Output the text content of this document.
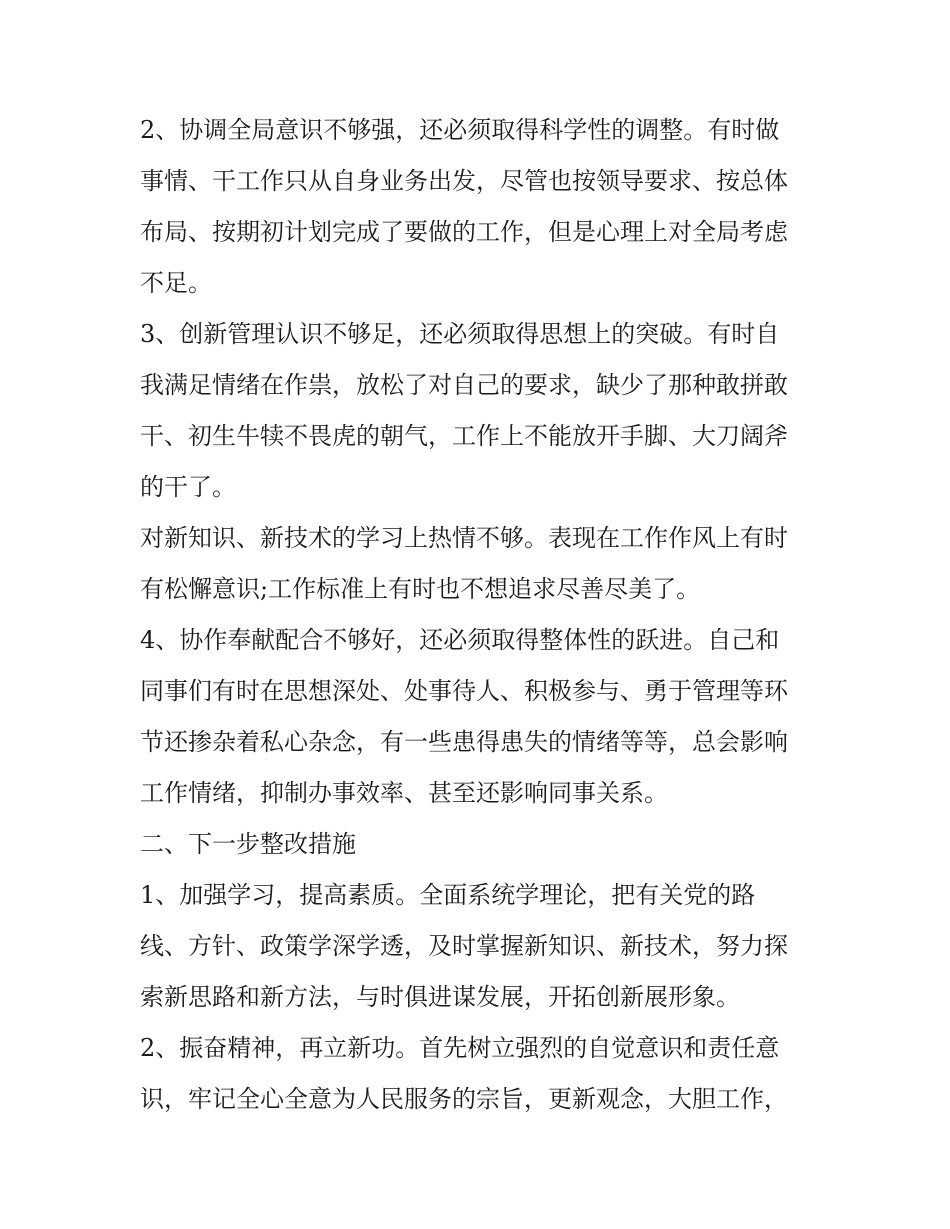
2、协调全局意识不够强，还必须取得科学性的调整。有时做
事情、干工作只从自身业务出发，尽管也按领导要求、按总体
布局、按期初计划完成了要做的工作，但是心理上对全局考虑
不足。
3、创新管理认识不够足，还必须取得思想上的突破。有时自
我满足情绪在作祟，放松了对自己的要求，缺少了那种敢拼敢
干、初生牛犊不畏虎的朝气，工作上不能放开手脚、大刀阔斧
的干了。
对新知识、新技术的学习上热情不够。表现在工作作风上有时
有松懈意识;工作标准上有时也不想追求尽善尽美了。
4、协作奉献配合不够好，还必须取得整体性的跃进。自己和
同事们有时在思想深处、处事待人、积极参与、勇于管理等环
节还掺杂着私心杂念，有一些患得患失的情绪等等，总会影响
工作情绪，抑制办事效率、甚至还影响同事关系。
二、下一步整改措施
1、加强学习，提高素质。全面系统学理论，把有关党的路
线、方针、政策学深学透，及时掌握新知识、新技术，努力探
索新思路和新方法，与时俱进谋发展，开拓创新展形象。
2、振奋精神，再立新功。首先树立强烈的自觉意识和责任意
识，牢记全心全意为人民服务的宗旨，更新观念，大胆工作，
